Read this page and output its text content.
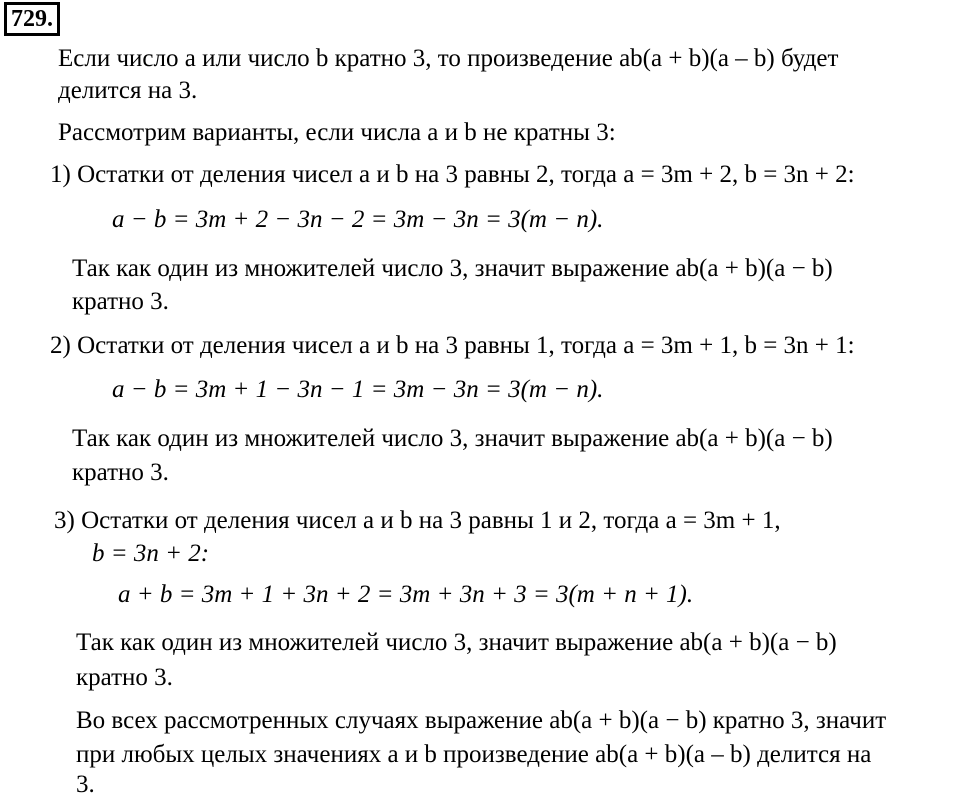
729.
Если число a или число b кратно 3, то произведение ab(a + b)(a – b) будет
делится на 3.
Рассмотрим варианты, если числа a и b не кратны 3:
1) Остатки от деления чисел a и b на 3 равны 2, тогда a = 3m + 2, b = 3n + 2:
a − b = 3m + 2 − 3n − 2 = 3m − 3n = 3(m − n).
Так как один из множителей число 3, значит выражение ab(a + b)(a − b)
кратно 3.
2) Остатки от деления чисел a и b на 3 равны 1, тогда a = 3m + 1, b = 3n + 1:
a − b = 3m + 1 − 3n − 1 = 3m − 3n = 3(m − n).
Так как один из множителей число 3, значит выражение ab(a + b)(a − b)
кратно 3.
3) Остатки от деления чисел a и b на 3 равны 1 и 2, тогда a = 3m + 1,
b = 3n + 2:
a + b = 3m + 1 + 3n + 2 = 3m + 3n + 3 = 3(m + n + 1).
Так как один из множителей число 3, значит выражение ab(a + b)(a − b)
кратно 3.
Во всех рассмотренных случаях выражение ab(a + b)(a − b) кратно 3, значит
при любых целых значениях a и b произведение ab(a + b)(a – b) делится на
3.
